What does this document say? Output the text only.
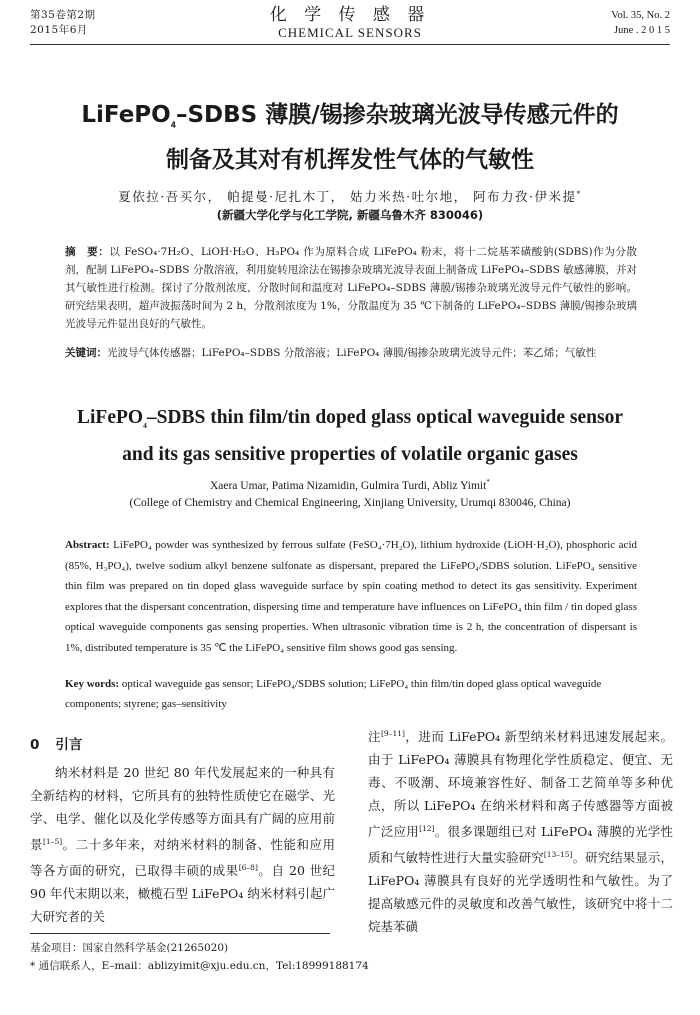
第35卷第2期
2015年6月
化 学 传 感 器
CHEMICAL SENSORS
Vol. 35, No. 2
June . 2 0 1 5
LiFePO$_4$–SDBS 薄膜/锡掺杂玻璃光波导传感元件的
制备及其对有机挥发性气体的气敏性
夏依拉·吾买尔， 帕提曼·尼扎木丁， 姑力米热·吐尔地， 阿布力孜·伊米提*
(新疆大学化学与化工学院, 新疆乌鲁木齐 830046)
摘　要：以 FeSO₄·7H₂O、LiOH·H₂O、H₃PO₄ 作为原料合成 LiFePO₄ 粉末，将十二烷基苯磺酸钠(SDBS)作为分散剂，配制 LiFePO₄–SDBS 分散溶液，利用旋转甩涂法在锡掺杂玻璃光波导表面上制备成 LiFePO₄–SDBS 敏感薄膜，并对其气敏性进行检测。探讨了分散剂浓度，分散时间和温度对 LiFePO₄–SDBS 薄膜/锡掺杂玻璃光波导元件气敏性的影响。研究结果表明，超声波振荡时间为 2 h，分散剂浓度为 1%，分散温度为 35 ℃下制备的 LiFePO₄–SDBS 薄膜/锡掺杂玻璃光波导元件显出良好的气敏性。
关键词：光波导气体传感器；LiFePO₄–SDBS 分散溶液；LiFePO₄ 薄膜/锡掺杂玻璃光波导元件；苯乙烯；气敏性
LiFePO$_4$–SDBS thin film/tin doped glass optical waveguide sensor
and its gas sensitive properties of volatile organic gases
Xaera Umar, Patima Nizamidin, Gulmira Turdi, Abliz Yimit*
(College of Chemistry and Chemical Engineering, Xinjiang University, Urumqi 830046, China)
Abstract: LiFePO₄ powder was synthesized by ferrous sulfate (FeSO₄·7H₂O), lithium hydroxide (LiOH·H₂O), phosphoric acid (85%, H₃PO₄), twelve sodium alkyl benzene sulfonate as dispersant, prepared the LiFePO₄/SDBS solution. LiFePO₄ sensitive thin film was prepared on tin doped glass waveguide surface by spin coating method to detect its gas sensitivity. Experiment explores that the dispersant concentration, dispersing time and temperature have influences on LiFePO₄ thin film / tin doped glass optical waveguide components gas sensing properties. When ultrasonic vibration time is 2 h, the concentration of dispersant is 1%, distributed temperature is 35 ℃ the LiFePO₄ sensitive film shows good gas sensing.
Key words: optical waveguide gas sensor; LiFePO₄/SDBS solution; LiFePO₄ thin film/tin doped glass optical waveguide components; styrene; gas–sensitivity
0 引言

纳米材料是 20 世纪 80 年代发展起来的一种具有全新结构的材料，它所具有的独特性质使它在磁学、光学、电学、催化以及化学传感等方面具有广阔的应用前景[1–5]。二十多年来，对纳米材料的制备、性能和应用等各方面的研究，已取得丰硕的成果[6–8]。自 20 世纪 90 年代末期以来，橄榄石型 LiFePO₄ 纳米材料引起广大研究者的关

注[9–11]，进而 LiFePO₄ 新型纳米材料迅速发展起来。由于 LiFePO₄ 薄膜具有物理化学性质稳定、便宜、无毒、不吸潮、环境兼容性好、制备工艺简单等多种优点，所以 LiFePO₄ 在纳米材料和离子传感器等方面被广泛应用[12]。很多课题组已对 LiFePO₄ 薄膜的光学性质和气敏特性进行大量实验研究[13–15]。研究结果显示，LiFePO₄ 薄膜具有良好的光学透明性和气敏性。为了提高敏感元件的灵敏度和改善气敏性，该研究中将十二烷基苯磺

基金项目：国家自然科学基金(21265020)
* 通信联系人，E–mail：ablizyimit@xju.edu.cn，Tel:18999188174
